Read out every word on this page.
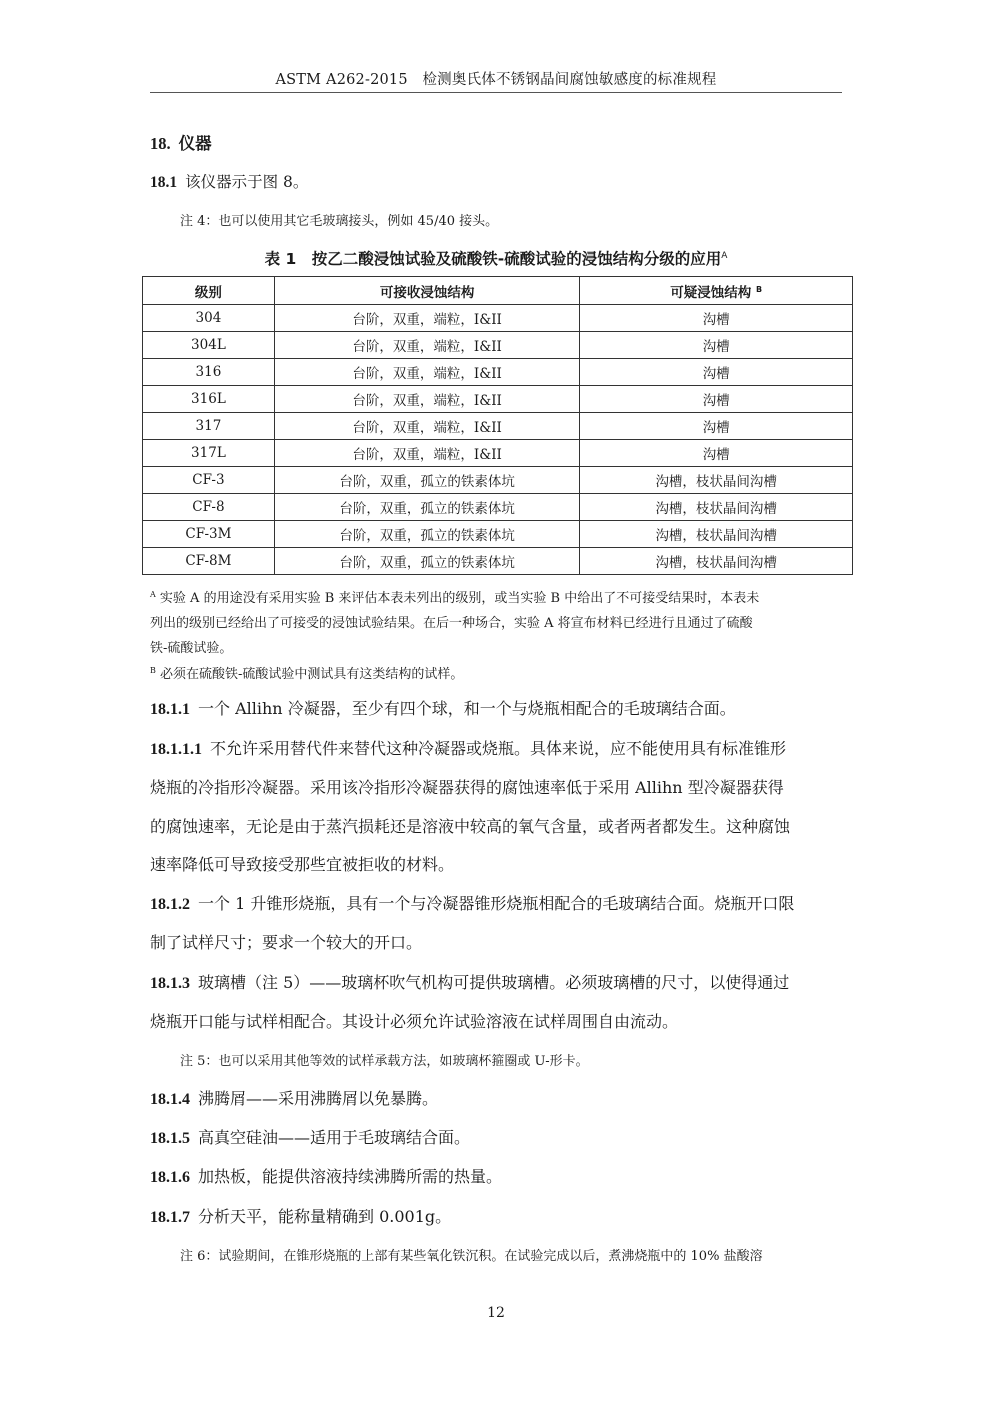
ASTM A262-2015　检测奥氏体不锈钢晶间腐蚀敏感度的标准规程
18. 仪器
18.1 该仪器示于图 8。
注 4：也可以使用其它毛玻璃接头，例如 45/40 接头。
表 1　按乙二酸浸蚀试验及硫酸铁-硫酸试验的浸蚀结构分级的应用$^A$
级别	可接收浸蚀结构	可疑浸蚀结构 $^B$
304	台阶，双重，端粒，I&II	沟槽
304L	台阶，双重，端粒，I&II	沟槽
316	台阶，双重，端粒，I&II	沟槽
316L	台阶，双重，端粒，I&II	沟槽
317	台阶，双重，端粒，I&II	沟槽
317L	台阶，双重，端粒，I&II	沟槽
CF-3	台阶，双重，孤立的铁素体坑	沟槽，枝状晶间沟槽
CF-8	台阶，双重，孤立的铁素体坑	沟槽，枝状晶间沟槽
CF-3M	台阶，双重，孤立的铁素体坑	沟槽，枝状晶间沟槽
CF-8M	台阶，双重，孤立的铁素体坑	沟槽，枝状晶间沟槽
$^A$ 实验 A 的用途没有采用实验 B 来评估本表未列出的级别，或当实验 B 中给出了不可接受结果时，本表未
列出的级别已经给出了可接受的浸蚀试验结果。在后一种场合，实验 A 将宣布材料已经进行且通过了硫酸
铁-硫酸试验。
$^B$ 必须在硫酸铁-硫酸试验中测试具有这类结构的试样。
18.1.1 一个 Allihn 冷凝器，至少有四个球，和一个与烧瓶相配合的毛玻璃结合面。
18.1.1.1 不允许采用替代件来替代这种冷凝器或烧瓶。具体来说，应不能使用具有标准锥形
烧瓶的冷指形冷凝器。采用该冷指形冷凝器获得的腐蚀速率低于采用 Allihn 型冷凝器获得
的腐蚀速率，无论是由于蒸汽损耗还是溶液中较高的氧气含量，或者两者都发生。这种腐蚀
速率降低可导致接受那些宜被拒收的材料。
18.1.2 一个 1 升锥形烧瓶，具有一个与冷凝器锥形烧瓶相配合的毛玻璃结合面。烧瓶开口限
制了试样尺寸；要求一个较大的开口。
18.1.3 玻璃槽（注 5）——玻璃杯吹气机构可提供玻璃槽。必须玻璃槽的尺寸，以使得通过
烧瓶开口能与试样相配合。其设计必须允许试验溶液在试样周围自由流动。
注 5：也可以采用其他等效的试样承载方法，如玻璃杯箍圈或 U-形卡。
18.1.4 沸腾屑——采用沸腾屑以免暴腾。
18.1.5 高真空硅油——适用于毛玻璃结合面。
18.1.6 加热板，能提供溶液持续沸腾所需的热量。
18.1.7 分析天平，能称量精确到 0.001g。
注 6：试验期间，在锥形烧瓶的上部有某些氧化铁沉积。在试验完成以后，煮沸烧瓶中的 10% 盐酸溶
12
